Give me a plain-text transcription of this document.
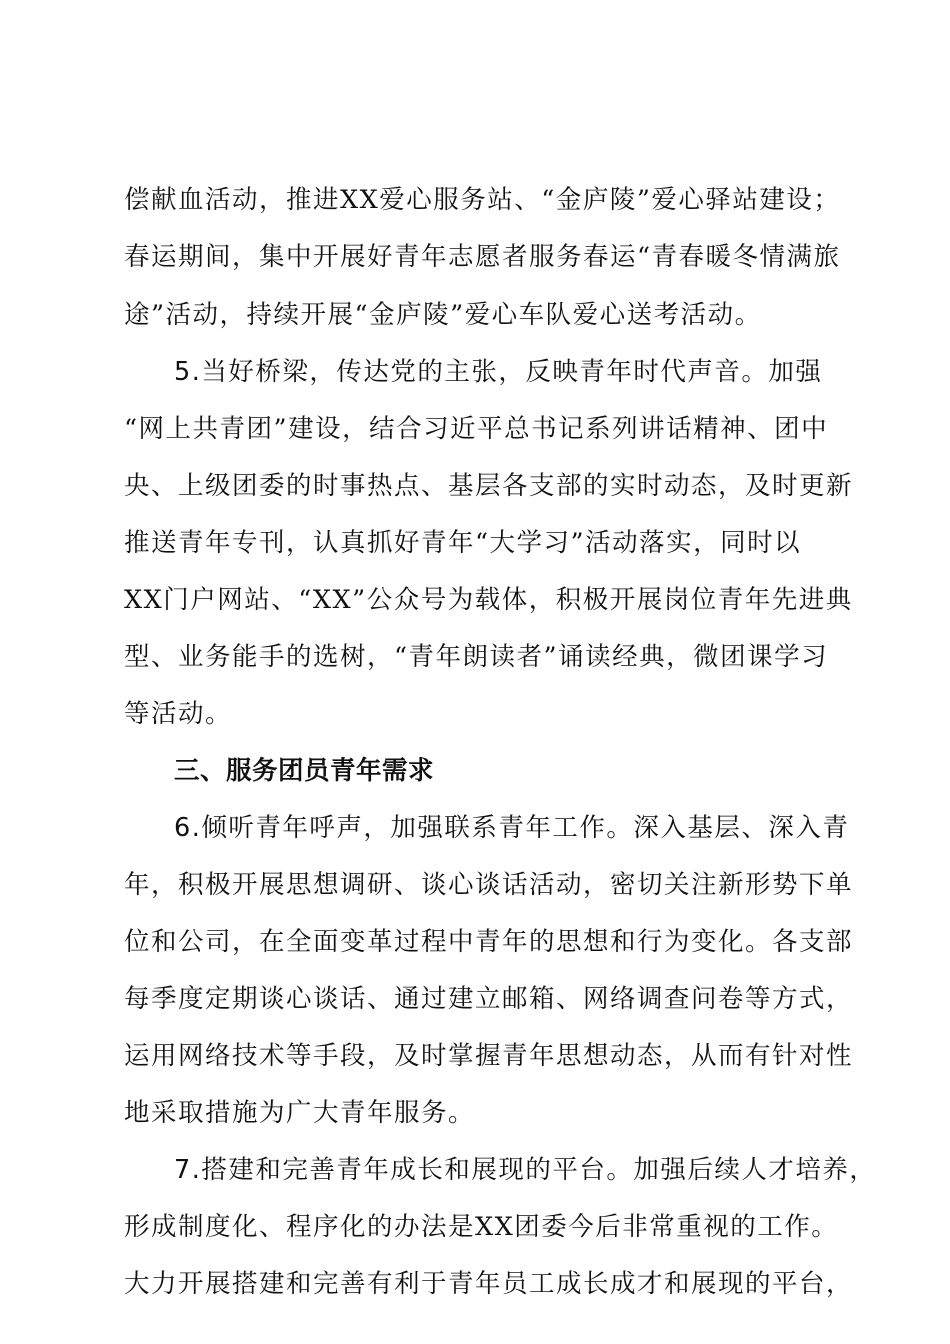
偿献血活动，推进XX爱心服务站、“金庐陵”爱心驿站建设；
春运期间，集中开展好青年志愿者服务春运“青春暖冬情满旅
途”活动，持续开展“金庐陵”爱心车队爱心送考活动。
5.当好桥梁，传达党的主张，反映青年时代声音。加强
“网上共青团”建设，结合习近平总书记系列讲话精神、团中
央、上级团委的时事热点、基层各支部的实时动态，及时更新
推送青年专刊，认真抓好青年“大学习”活动落实，同时以
XX门户网站、“XX”公众号为载体，积极开展岗位青年先进典
型、业务能手的选树，“青年朗读者”诵读经典，微团课学习
等活动。
三、服务团员青年需求
6.倾听青年呼声，加强联系青年工作。深入基层、深入青
年，积极开展思想调研、谈心谈话活动，密切关注新形势下单
位和公司，在全面变革过程中青年的思想和行为变化。各支部
每季度定期谈心谈话、通过建立邮箱、网络调查问卷等方式，
运用网络技术等手段，及时掌握青年思想动态，从而有针对性
地采取措施为广大青年服务。
7.搭建和完善青年成长和展现的平台。加强后续人才培养，
形成制度化、程序化的办法是XX团委今后非常重视的工作。
大力开展搭建和完善有利于青年员工成长成才和展现的平台，
